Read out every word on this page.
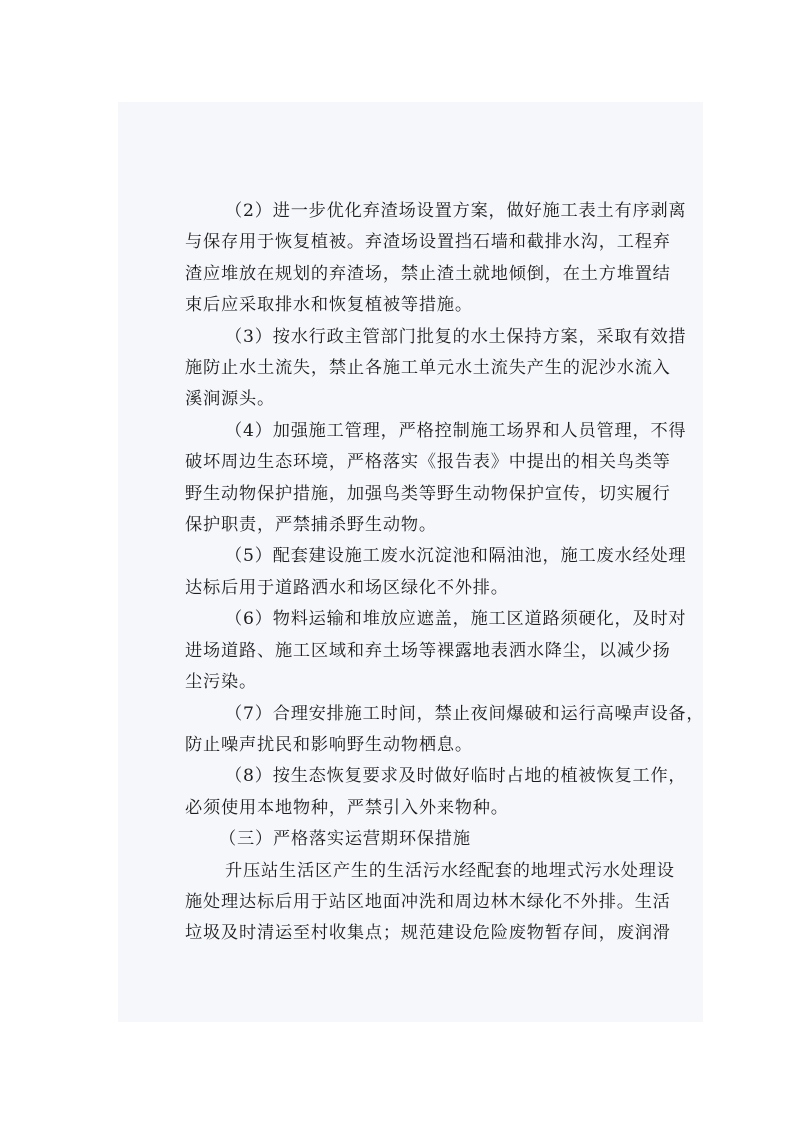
（2）进一步优化弃渣场设置方案，做好施工表土有序剥离
与保存用于恢复植被。弃渣场设置挡石墙和截排水沟，工程弃
渣应堆放在规划的弃渣场，禁止渣土就地倾倒，在土方堆置结
束后应采取排水和恢复植被等措施。
（3）按水行政主管部门批复的水土保持方案，采取有效措
施防止水土流失，禁止各施工单元水土流失产生的泥沙水流入
溪涧源头。
（4）加强施工管理，严格控制施工场界和人员管理，不得
破坏周边生态环境，严格落实《报告表》中提出的相关鸟类等
野生动物保护措施，加强鸟类等野生动物保护宣传，切实履行
保护职责，严禁捕杀野生动物。
（5）配套建设施工废水沉淀池和隔油池，施工废水经处理
达标后用于道路洒水和场区绿化不外排。
（6）物料运输和堆放应遮盖，施工区道路须硬化，及时对
进场道路、施工区域和弃土场等裸露地表洒水降尘，以减少扬
尘污染。
（7）合理安排施工时间，禁止夜间爆破和运行高噪声设备，
防止噪声扰民和影响野生动物栖息。
（8）按生态恢复要求及时做好临时占地的植被恢复工作，
必须使用本地物种，严禁引入外来物种。
（三）严格落实运营期环保措施
升压站生活区产生的生活污水经配套的地埋式污水处理设
施处理达标后用于站区地面冲洗和周边林木绿化不外排。生活
垃圾及时清运至村收集点；规范建设危险废物暂存间，废润滑
